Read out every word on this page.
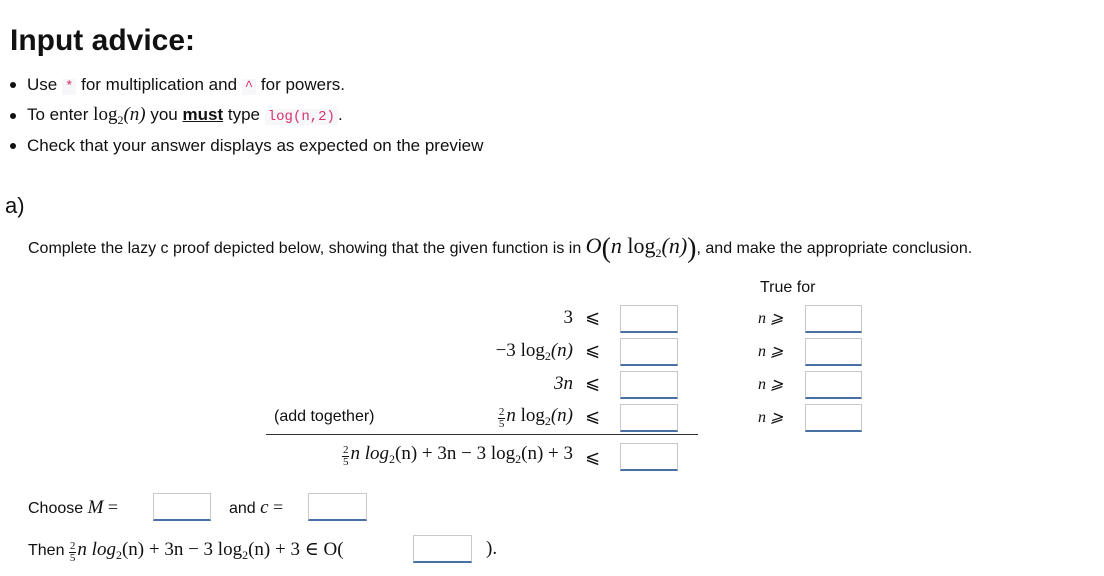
Input advice:
Use * for multiplication and ^ for powers.
To enter $\log_2(n)$ you must type log(n,2) .
Check that your answer displays as expected on the preview
a)
Complete the lazy c proof depicted below, showing that the given function is in O(n $\log_2(n)$), and make the appropriate conclusion.
True for
3 ⩽	n ⩾
−3 $\log_2(n)$ ⩽	n ⩾
3n ⩽	n ⩾
(add together)	$\frac{2}{5}$ n $\log_2(n)$ ⩽	n ⩾
$\frac{2}{5}$ n $\log_2(n) + 3n - 3$ $\log_2(n) + 3$ ⩽
Choose M =	and c =
Then $\frac{2}{5}$ n $\log_2(n) + 3n - 3$ $\log_2(n) + 3$ ∈ O(	).
